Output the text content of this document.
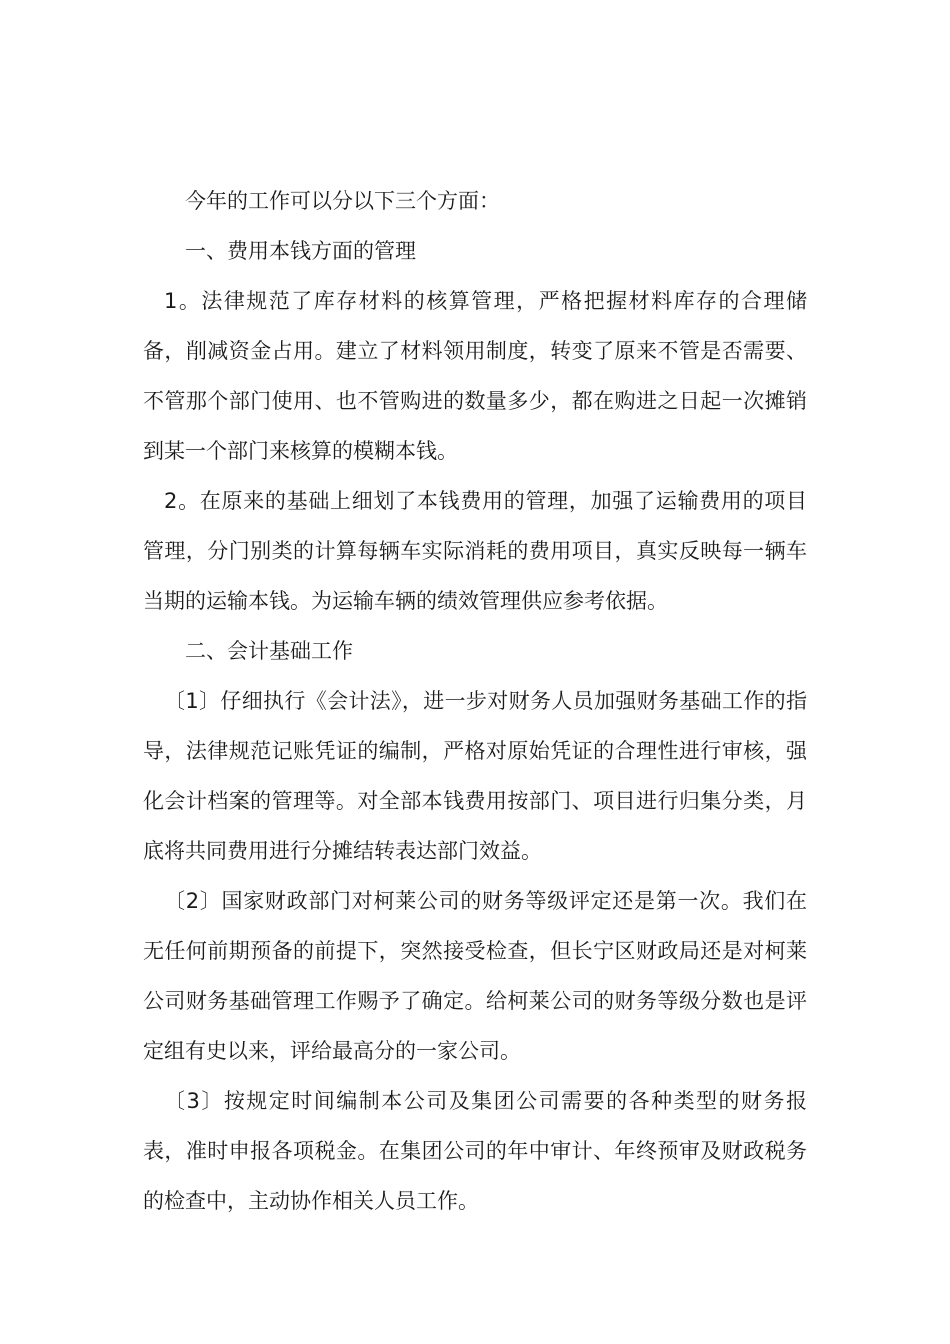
今年的工作可以分以下三个方面：

一、费用本钱方面的管理

1。法律规范了库存材料的核算管理，严格把握材料库存的合理储备，削减资金占用。建立了材料领用制度，转变了原来不管是否需要、不管那个部门使用、也不管购进的数量多少，都在购进之日起一次摊销到某一个部门来核算的模糊本钱。

2。在原来的基础上细划了本钱费用的管理，加强了运输费用的项目管理，分门别类的计算每辆车实际消耗的费用项目，真实反映每一辆车当期的运输本钱。为运输车辆的绩效管理供应参考依据。

二、会计基础工作

〔1〕仔细执行《会计法》，进一步对财务人员加强财务基础工作的指导，法律规范记账凭证的编制，严格对原始凭证的合理性进行审核，强化会计档案的管理等。对全部本钱费用按部门、项目进行归集分类，月底将共同费用进行分摊结转表达部门效益。

〔2〕国家财政部门对柯莱公司的财务等级评定还是第一次。我们在无任何前期预备的前提下，突然接受检查，但长宁区财政局还是对柯莱公司财务基础管理工作赐予了确定。给柯莱公司的财务等级分数也是评定组有史以来，评给最高分的一家公司。

〔3〕按规定时间编制本公司及集团公司需要的各种类型的财务报表，准时申报各项税金。在集团公司的年中审计、年终预审及财政税务的检查中，主动协作相关人员工作。
